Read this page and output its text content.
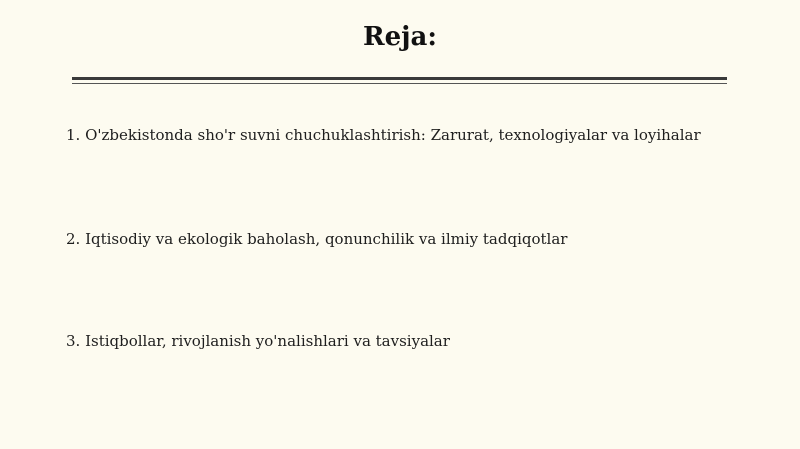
Reja:
1. O'zbekistonda sho'r suvni chuchuklashtirish: Zarurat, texnologiyalar va loyihalar
2. Iqtisodiy va ekologik baholash, qonunchilik va ilmiy tadqiqotlar
3. Istiqbollar, rivojlanish yo'nalishlari va tavsiyalar
